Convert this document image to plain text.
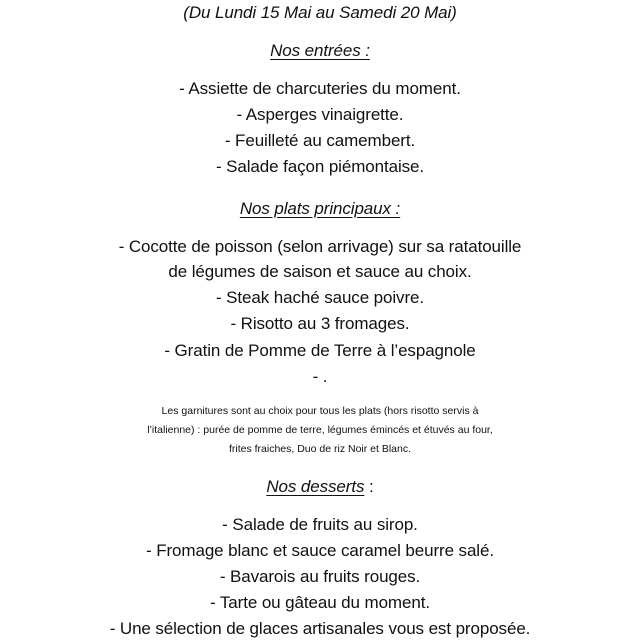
(Du Lundi 15 Mai au Samedi 20 Mai)
Nos entrées :
- Assiette de charcuteries du moment.
- Asperges vinaigrette.
- Feuilleté au camembert.
- Salade façon piémontaise.
Nos plats principaux :
- Cocotte de poisson (selon arrivage) sur sa ratatouille
de légumes de saison et sauce au choix.
- Steak haché sauce poivre.
- Risotto au 3 fromages.
- Gratin de Pomme de Terre à l’espagnole
- .
Les garnitures sont au choix pour tous les plats (hors risotto servis à
l’italienne) : purée de pomme de terre, légumes émincés et étuvés au four,
frites fraiches, Duo de riz Noir et Blanc.
Nos desserts :
- Salade de fruits au sirop.
- Fromage blanc et sauce caramel beurre salé.
- Bavarois au fruits rouges.
- Tarte ou gâteau du moment.
- Une sélection de glaces artisanales vous est proposée.
